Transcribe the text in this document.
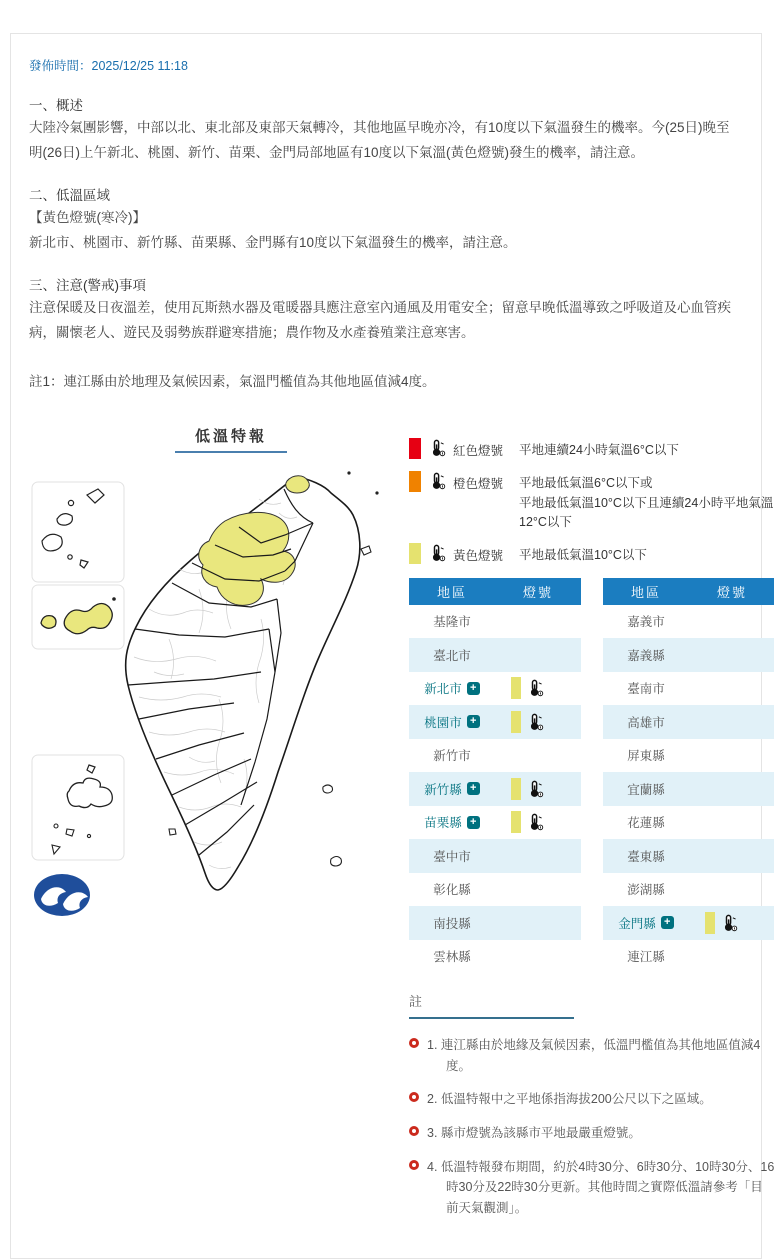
發佈時間：2025/12/25 11:18
一、概述

大陸冷氣團影響，中部以北、東北部及東部天氣轉冷，其他地區早晚亦冷，有10度以下氣溫發生的機率。今(25日)晚至明(26日)上午新北、桃園、新竹、苗栗、金門局部地區有10度以下氣溫(黃色燈號)發生的機率，請注意。

二、低溫區域

【黃色燈號(寒冷)】

新北市、桃園市、新竹縣、苗栗縣、金門縣有10度以下氣溫發生的機率，請注意。

三、注意(警戒)事項

注意保暖及日夜溫差，使用瓦斯熱水器及電暖器具應注意室內通風及用電安全；留意早晚低溫導致之呼吸道及心血管疾病，關懷老人、遊民及弱勢族群避寒措施；農作物及水產養殖業注意寒害。

註1：連江縣由於地理及氣候因素，氣溫門檻值為其他地區值減4度。

低溫特報
紅色燈號	平地連續24小時氣溫6°C以下
橙色燈號	平地最低氣溫6°C以下或
平地最低氣溫10°C以下且連續24小時平地氣溫12°C以下
黃色燈號	平地最低氣溫10°C以下
地區	燈號
基隆市
臺北市
新北市 +
桃園市 +
新竹市
新竹縣 +
苗栗縣 +
臺中市
彰化縣
南投縣
雲林縣
地區	燈號
嘉義市
嘉義縣
臺南市
高雄市
屏東縣
宜蘭縣
花蓮縣
臺東縣
澎湖縣
金門縣 +
連江縣
註
1. 連江縣由於地緣及氣候因素，低溫門檻值為其他地區值減4度。
2. 低溫特報中之平地係指海拔200公尺以下之區域。
3. 縣市燈號為該縣市平地最嚴重燈號。
4. 低溫特報發布期間，約於4時30分、6時30分、10時30分、16時30分及22時30分更新。其他時間之實際低溫請參考「目前天氣觀測」。
